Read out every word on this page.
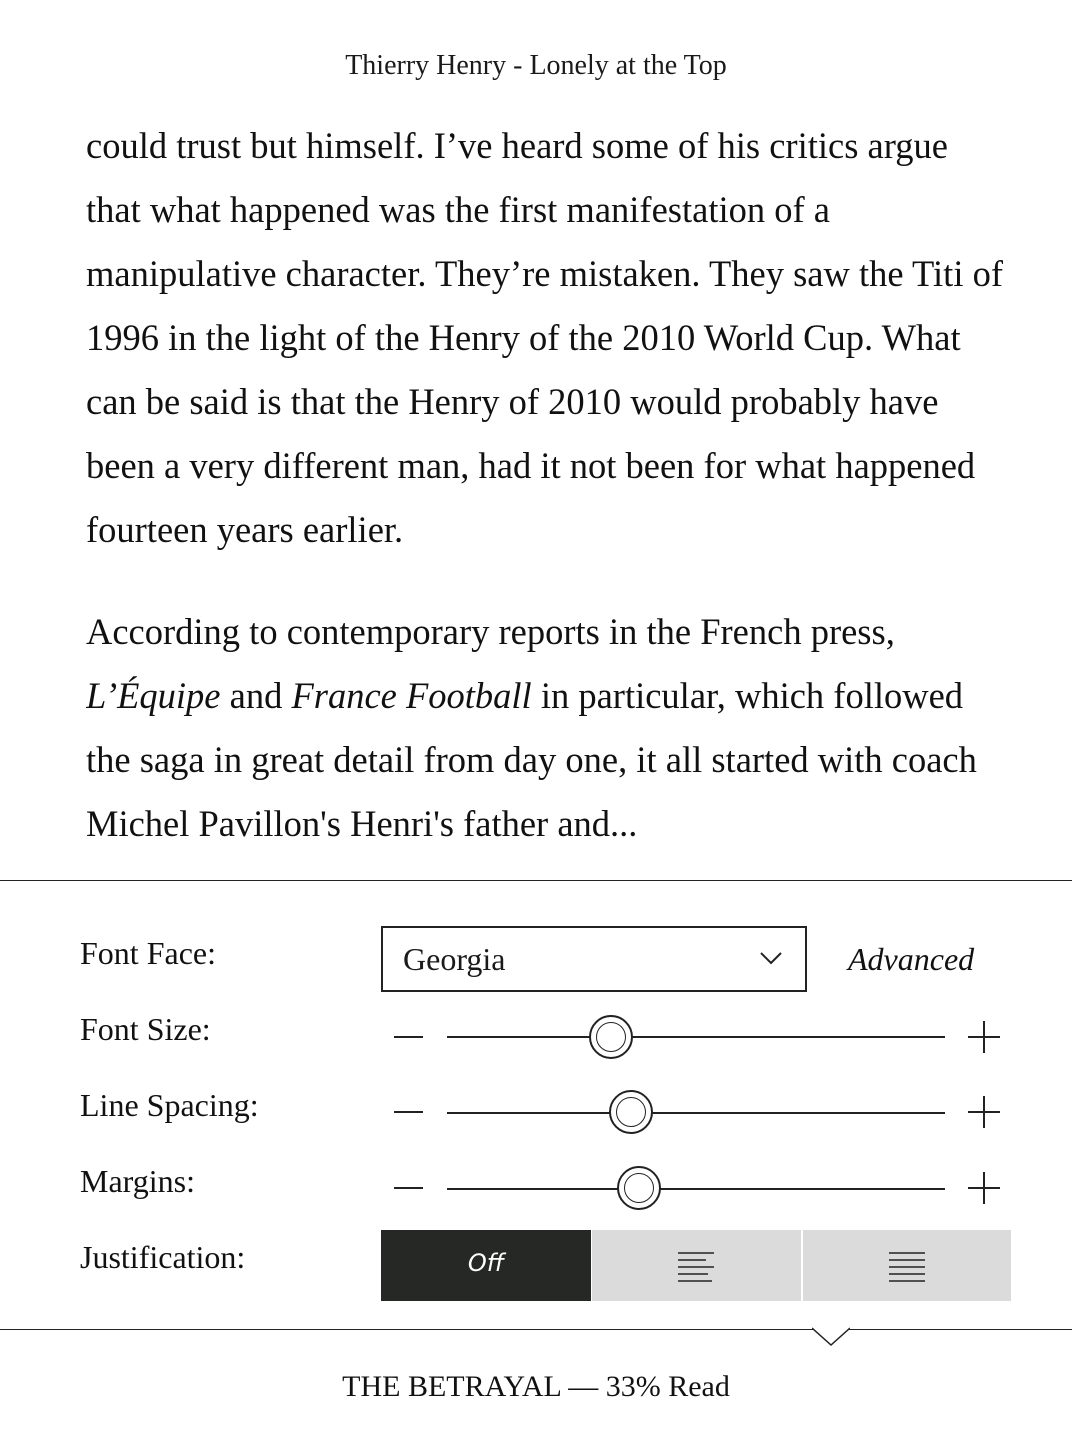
Thierry Henry - Lonely at the Top

could trust but himself. I’ve heard some of his critics argue that what happened was the first manifestation of a manipulative character. They’re mistaken. They saw the Titi of 1996 in the light of the Henry of the 2010 World Cup. What can be said is that the Henry of 2010 would probably have been a very different man, had it not been for what happened fourteen years earlier.

According to contemporary reports in the French press, L’Équipe and France Football in particular, which followed the saga in great detail from day one, it all started with coach Michel Pavillon's Henri's father and...

Font Face:	Georgia	Advanced
Font Size:
Line Spacing:
Margins:
Justification:	Off
THE BETRAYAL — 33% Read
